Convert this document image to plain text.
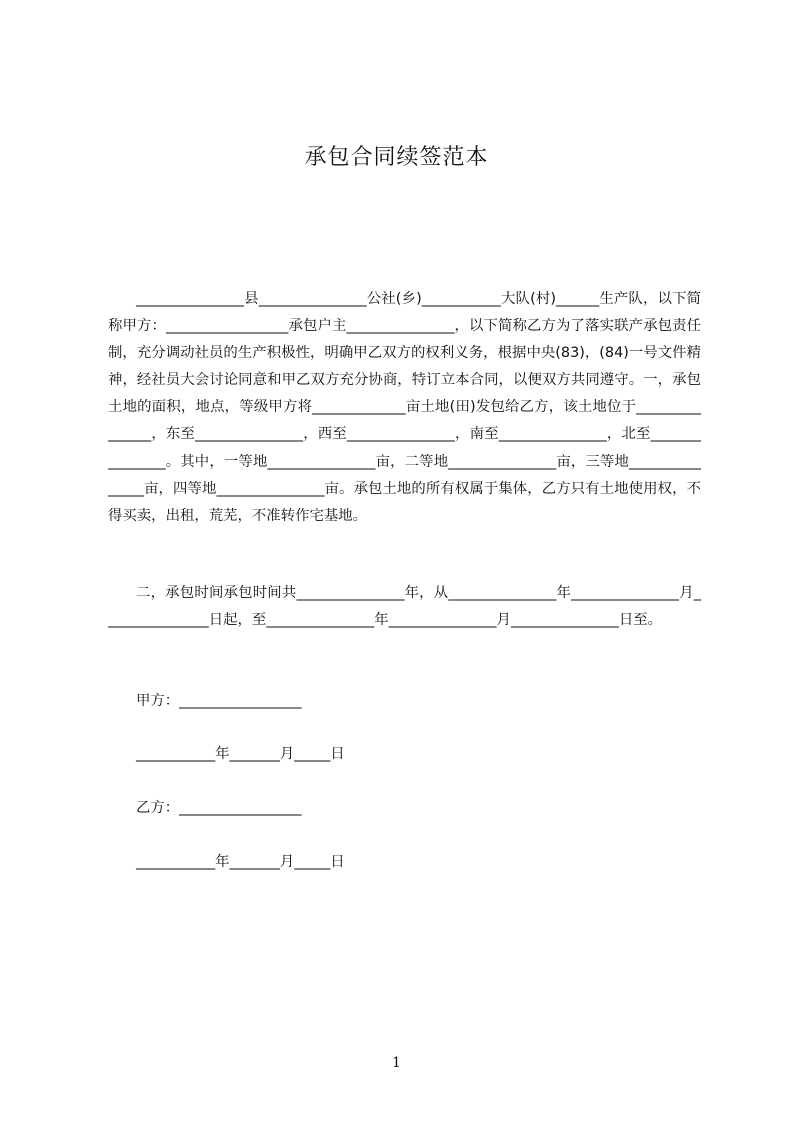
承包合同续签范本
_______________县_______________公社(乡)___________大队(村)______生产队，以下简称甲方：_________________承包户主_______________，以下简称乙方为了落实联产承包责任制，充分调动社员的生产积极性，明确甲乙双方的权利义务，根据中央(83)，(84)一号文件精神，经社员大会讨论同意和甲乙双方充分协商，特订立本合同，以便双方共同遵守。一，承包土地的面积，地点，等级甲方将_____________亩土地(田)发包给乙方，该土地位于_______________，东至_______________，西至_______________，南至_______________，北至_______________。其中，一等地_______________亩，二等地_______________亩，三等地_______________亩，四等地_______________亩。承包土地的所有权属于集体，乙方只有土地使用权，不得买卖，出租，荒芜，不准转作宅基地。
二，承包时间承包时间共_______________年，从_______________年_______________月_______________日起，至_______________年_______________月_______________日至。
甲方：_________________
___________年_______月_____日
乙方：_________________
___________年_______月_____日
1
